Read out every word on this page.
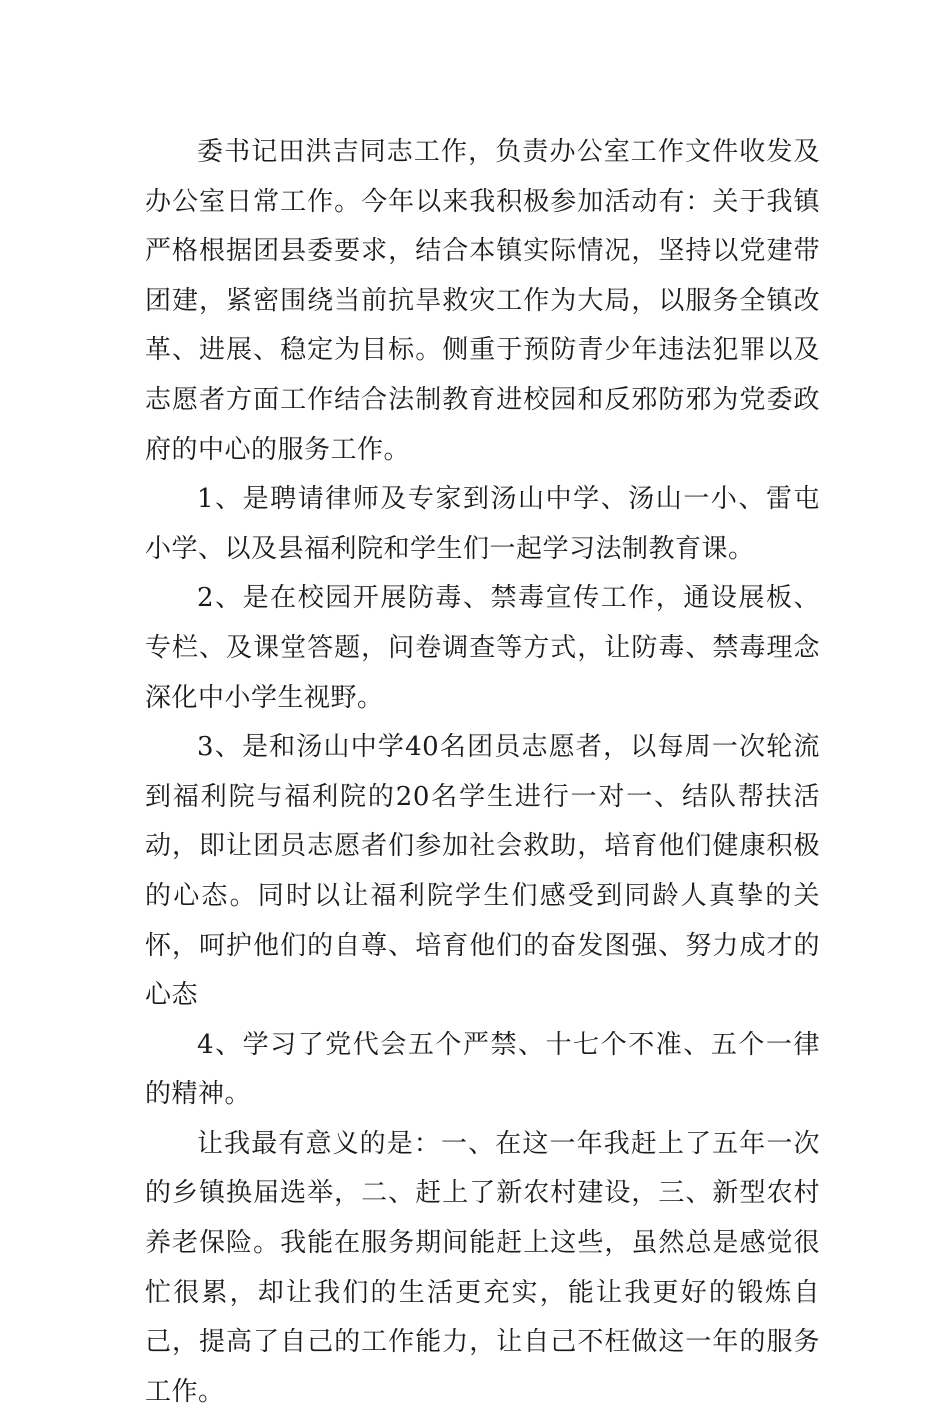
委书记田洪吉同志工作，负责办公室工作文件收发及办公室日常工作。今年以来我积极参加活动有：关于我镇严格根据团县委要求，结合本镇实际情况，坚持以党建带团建，紧密围绕当前抗旱救灾工作为大局，以服务全镇改革、进展、稳定为目标。侧重于预防青少年违法犯罪以及志愿者方面工作结合法制教育进校园和反邪防邪为党委政府的中心的服务工作。

1、是聘请律师及专家到汤山中学、汤山一小、雷屯小学、以及县福利院和学生们一起学习法制教育课。

2、是在校园开展防毒、禁毒宣传工作，通设展板、专栏、及课堂答题，问卷调查等方式，让防毒、禁毒理念深化中小学生视野。

3、是和汤山中学40名团员志愿者，以每周一次轮流到福利院与福利院的20名学生进行一对一、结队帮扶活动，即让团员志愿者们参加社会救助，培育他们健康积极的心态。同时以让福利院学生们感受到同龄人真挚的关怀，呵护他们的自尊、培育他们的奋发图强、努力成才的心态

4、学习了党代会五个严禁、十七个不准、五个一律的精神。

让我最有意义的是：一、在这一年我赶上了五年一次的乡镇换届选举，二、赶上了新农村建设，三、新型农村养老保险。我能在服务期间能赶上这些，虽然总是感觉很忙很累，却让我们的生活更充实，能让我更好的锻炼自己，提高了自己的工作能力，让自己不枉做这一年的服务工作。
